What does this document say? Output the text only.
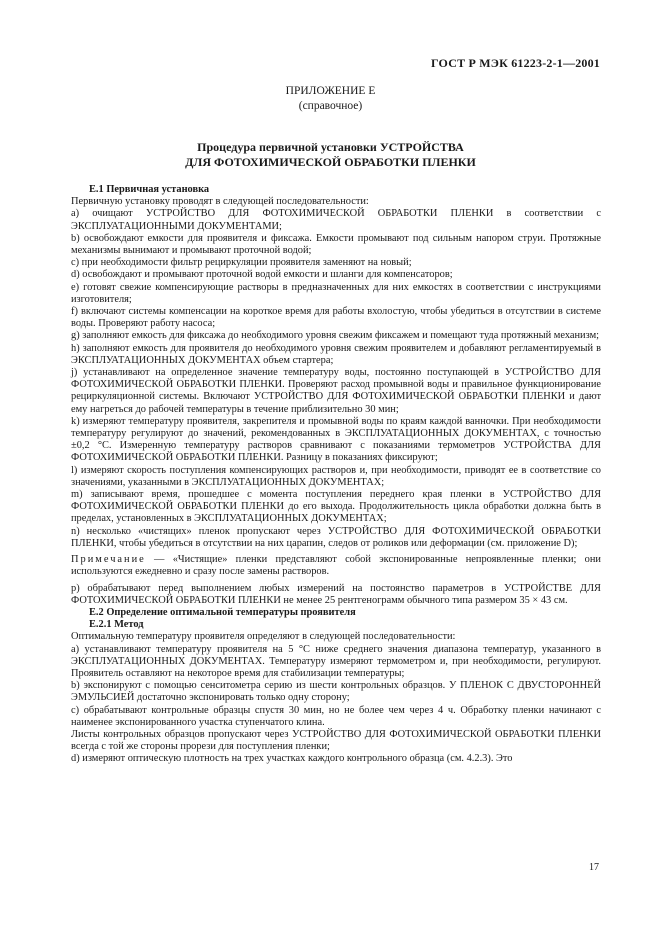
ГОСТ Р МЭК 61223-2-1—2001
ПРИЛОЖЕНИЕ Е
(справочное)
Процедура первичной установки УСТРОЙСТВА
ДЛЯ ФОТОХИМИЧЕСКОЙ ОБРАБОТКИ ПЛЕНКИ

Е.1 Первичная установка

Первичную установку проводят в следующей последовательности:

a) очищают УСТРОЙСТВО ДЛЯ ФОТОХИМИЧЕСКОЙ ОБРАБОТКИ ПЛЕНКИ в соответствии с ЭКСПЛУАТАЦИОННЫМИ ДОКУМЕНТАМИ;

b) освобождают емкости для проявителя и фиксажа. Емкости промывают под сильным напором струи. Протяжные механизмы вынимают и промывают проточной водой;

c) при необходимости фильтр рециркуляции проявителя заменяют на новый;

d) освобождают и промывают проточной водой емкости и шланги для компенсаторов;

e) готовят свежие компенсирующие растворы в предназначенных для них емкостях в соответствии с инструкциями изготовителя;

f) включают системы компенсации на короткое время для работы вхолостую, чтобы убедиться в отсутствии в системе воды. Проверяют работу насоса;

g) заполняют емкость для фиксажа до необходимого уровня свежим фиксажем и помещают туда протяжный механизм;

h) заполняют емкость для проявителя до необходимого уровня свежим проявителем и добавляют регламентируемый в ЭКСПЛУАТАЦИОННЫХ ДОКУМЕНТАХ объем стартера;

j) устанавливают на определенное значение температуру воды, постоянно поступающей в УСТРОЙСТВО ДЛЯ ФОТОХИМИЧЕСКОЙ ОБРАБОТКИ ПЛЕНКИ. Проверяют расход промывной воды и правильное функционирование рециркуляционной системы. Включают УСТРОЙСТВО ДЛЯ ФОТОХИМИЧЕСКОЙ ОБРАБОТКИ ПЛЕНКИ и дают ему нагреться до рабочей температуры в течение приблизительно 30 мин;

k) измеряют температуру проявителя, закрепителя и промывной воды по краям каждой ванночки. При необходимости температуру регулируют до значений, рекомендованных в ЭКСПЛУАТАЦИОННЫХ ДОКУМЕНТАХ, с точностью ±0,2 °С. Измеренную температуру растворов сравнивают с показаниями термометров УСТРОЙСТВА ДЛЯ ФОТОХИМИЧЕСКОЙ ОБРАБОТКИ ПЛЕНКИ. Разницу в показаниях фиксируют;

l) измеряют скорость поступления компенсирующих растворов и, при необходимости, приводят ее в соответствие со значениями, указанными в ЭКСПЛУАТАЦИОННЫХ ДОКУМЕНТАХ;

m) записывают время, прошедшее с момента поступления переднего края пленки в УСТРОЙСТВО ДЛЯ ФОТОХИМИЧЕСКОЙ ОБРАБОТКИ ПЛЕНКИ до его выхода. Продолжительность цикла обработки должна быть в пределах, установленных в ЭКСПЛУАТАЦИОННЫХ ДОКУМЕНТАХ;

n) несколько «чистящих» пленок пропускают через УСТРОЙСТВО ДЛЯ ФОТОХИМИЧЕСКОЙ ОБРАБОТКИ ПЛЕНКИ, чтобы убедиться в отсутствии на них царапин, следов от роликов или деформации (см. приложение D);

Примечание — «Чистящие» пленки представляют собой экспонированные непроявленные пленки; они используются ежедневно и сразу после замены растворов.

p) обрабатывают перед выполнением любых измерений на постоянство параметров в УСТРОЙСТВЕ ДЛЯ ФОТОХИМИЧЕСКОЙ ОБРАБОТКИ ПЛЕНКИ не менее 25 рентгенограмм обычного типа размером 35 × 43 см.

Е.2 Определение оптимальной температуры проявителя

Е.2.1 Метод

Оптимальную температуру проявителя определяют в следующей последовательности:

a) устанавливают температуру проявителя на 5 °С ниже среднего значения диапазона температур, указанного в ЭКСПЛУАТАЦИОННЫХ ДОКУМЕНТАХ. Температуру измеряют термометром и, при необходимости, регулируют. Проявитель оставляют на некоторое время для стабилизации температуры;

b) экспонируют с помощью сенситометра серию из шести контрольных образцов. У ПЛЕНОК С ДВУСТОРОННЕЙ ЭМУЛЬСИЕЙ достаточно экспонировать только одну сторону;

c) обрабатывают контрольные образцы спустя 30 мин, но не более чем через 4 ч. Обработку пленки начинают с наименее экспонированного участка ступенчатого клина.

Листы контрольных образцов пропускают через УСТРОЙСТВО ДЛЯ ФОТОХИМИЧЕСКОЙ ОБРАБОТКИ ПЛЕНКИ всегда с той же стороны прорези для поступления пленки;

d) измеряют оптическую плотность на трех участках каждого контрольного образца (см. 4.2.3). Это

17
